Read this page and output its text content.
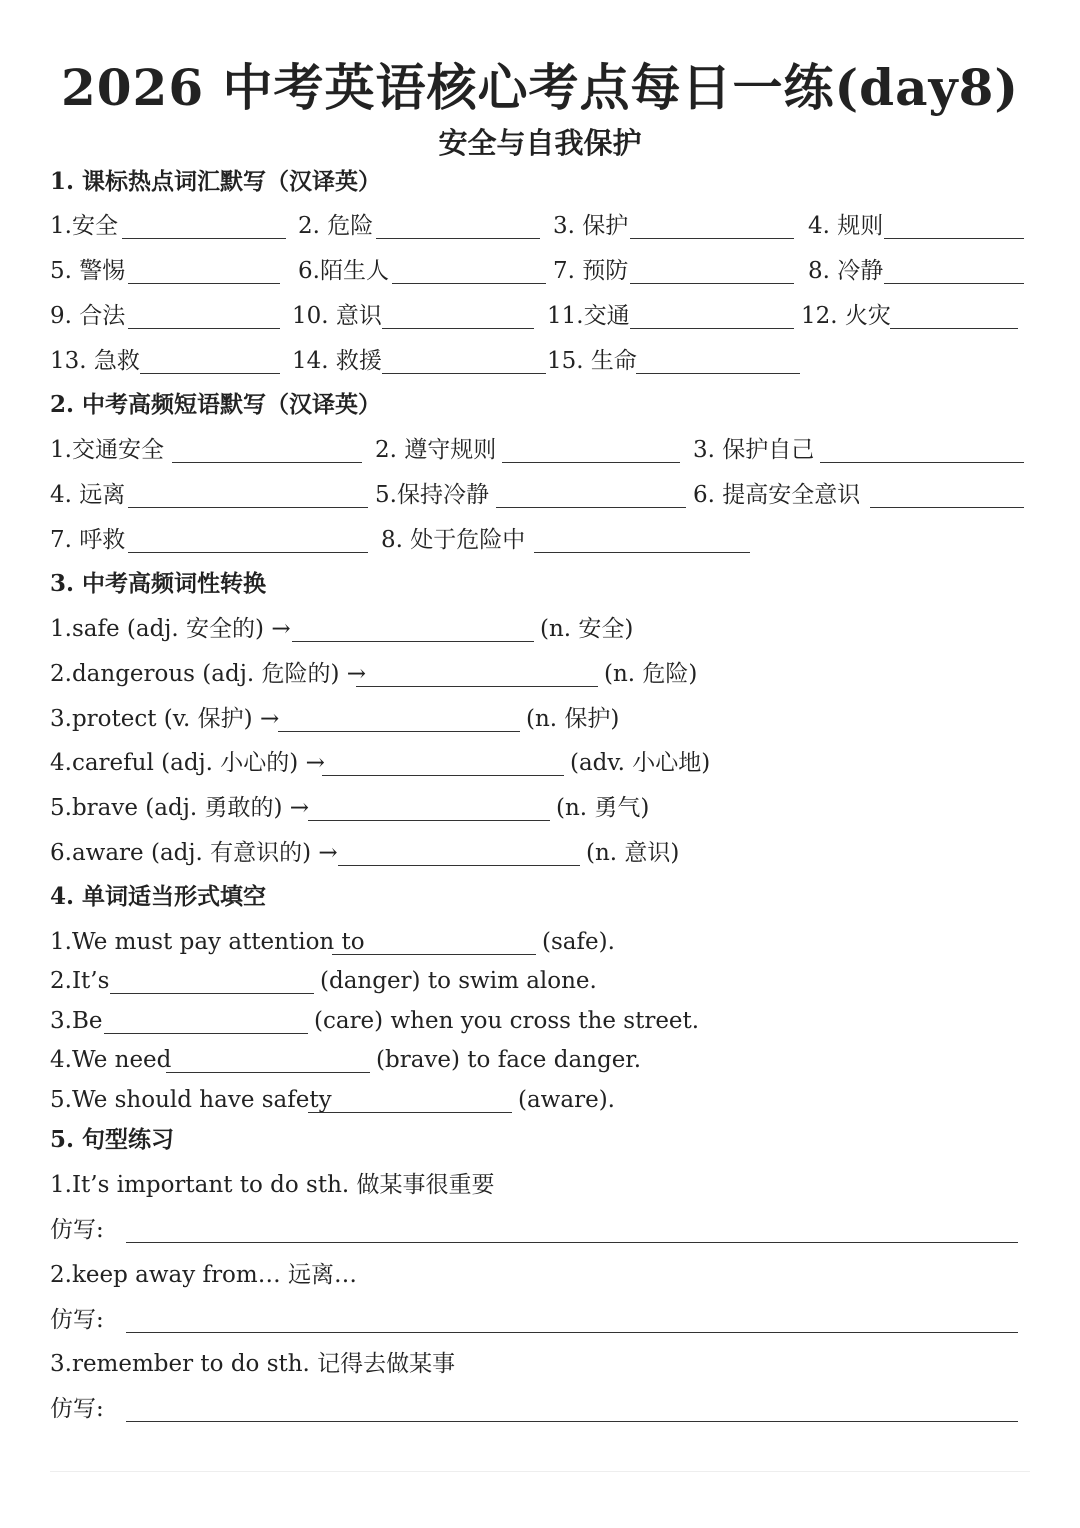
2026 中考英语核心考点每日一练(day8)
安全与自我保护
1. 课标热点词汇默写（汉译英）
1.安全	2. 危险	3. 保护	4. 规则
5. 警惕	6.陌生人	7. 预防	8. 冷静
9. 合法	10. 意识	11.交通	12. 火灾
13. 急救	14. 救援	15. 生命
2. 中考高频短语默写（汉译英）
1.交通安全	2. 遵守规则	3. 保护自己
4. 远离	5.保持冷静	6. 提高安全意识
7. 呼救	8. 处于危险中
3. 中考高频词性转换
1.safe (adj. 安全的) →	(n. 安全)
2.dangerous (adj. 危险的) →	(n. 危险)
3.protect (v. 保护) →	(n. 保护)
4.careful (adj. 小心的) →	(adv. 小心地)
5.brave (adj. 勇敢的) →	(n. 勇气)
6.aware (adj. 有意识的) →	(n. 意识)
4. 单词适当形式填空
1.We must pay attention to	(safe).
2.It’s	(danger) to swim alone.
3.Be	(care) when you cross the street.
4.We need	(brave) to face danger.
5.We should have safety	(aware).
5. 句型练习
1.It’s important to do sth. 做某事很重要
仿写:
2.keep away from… 远离…
仿写:
3.remember to do sth. 记得去做某事
仿写:
